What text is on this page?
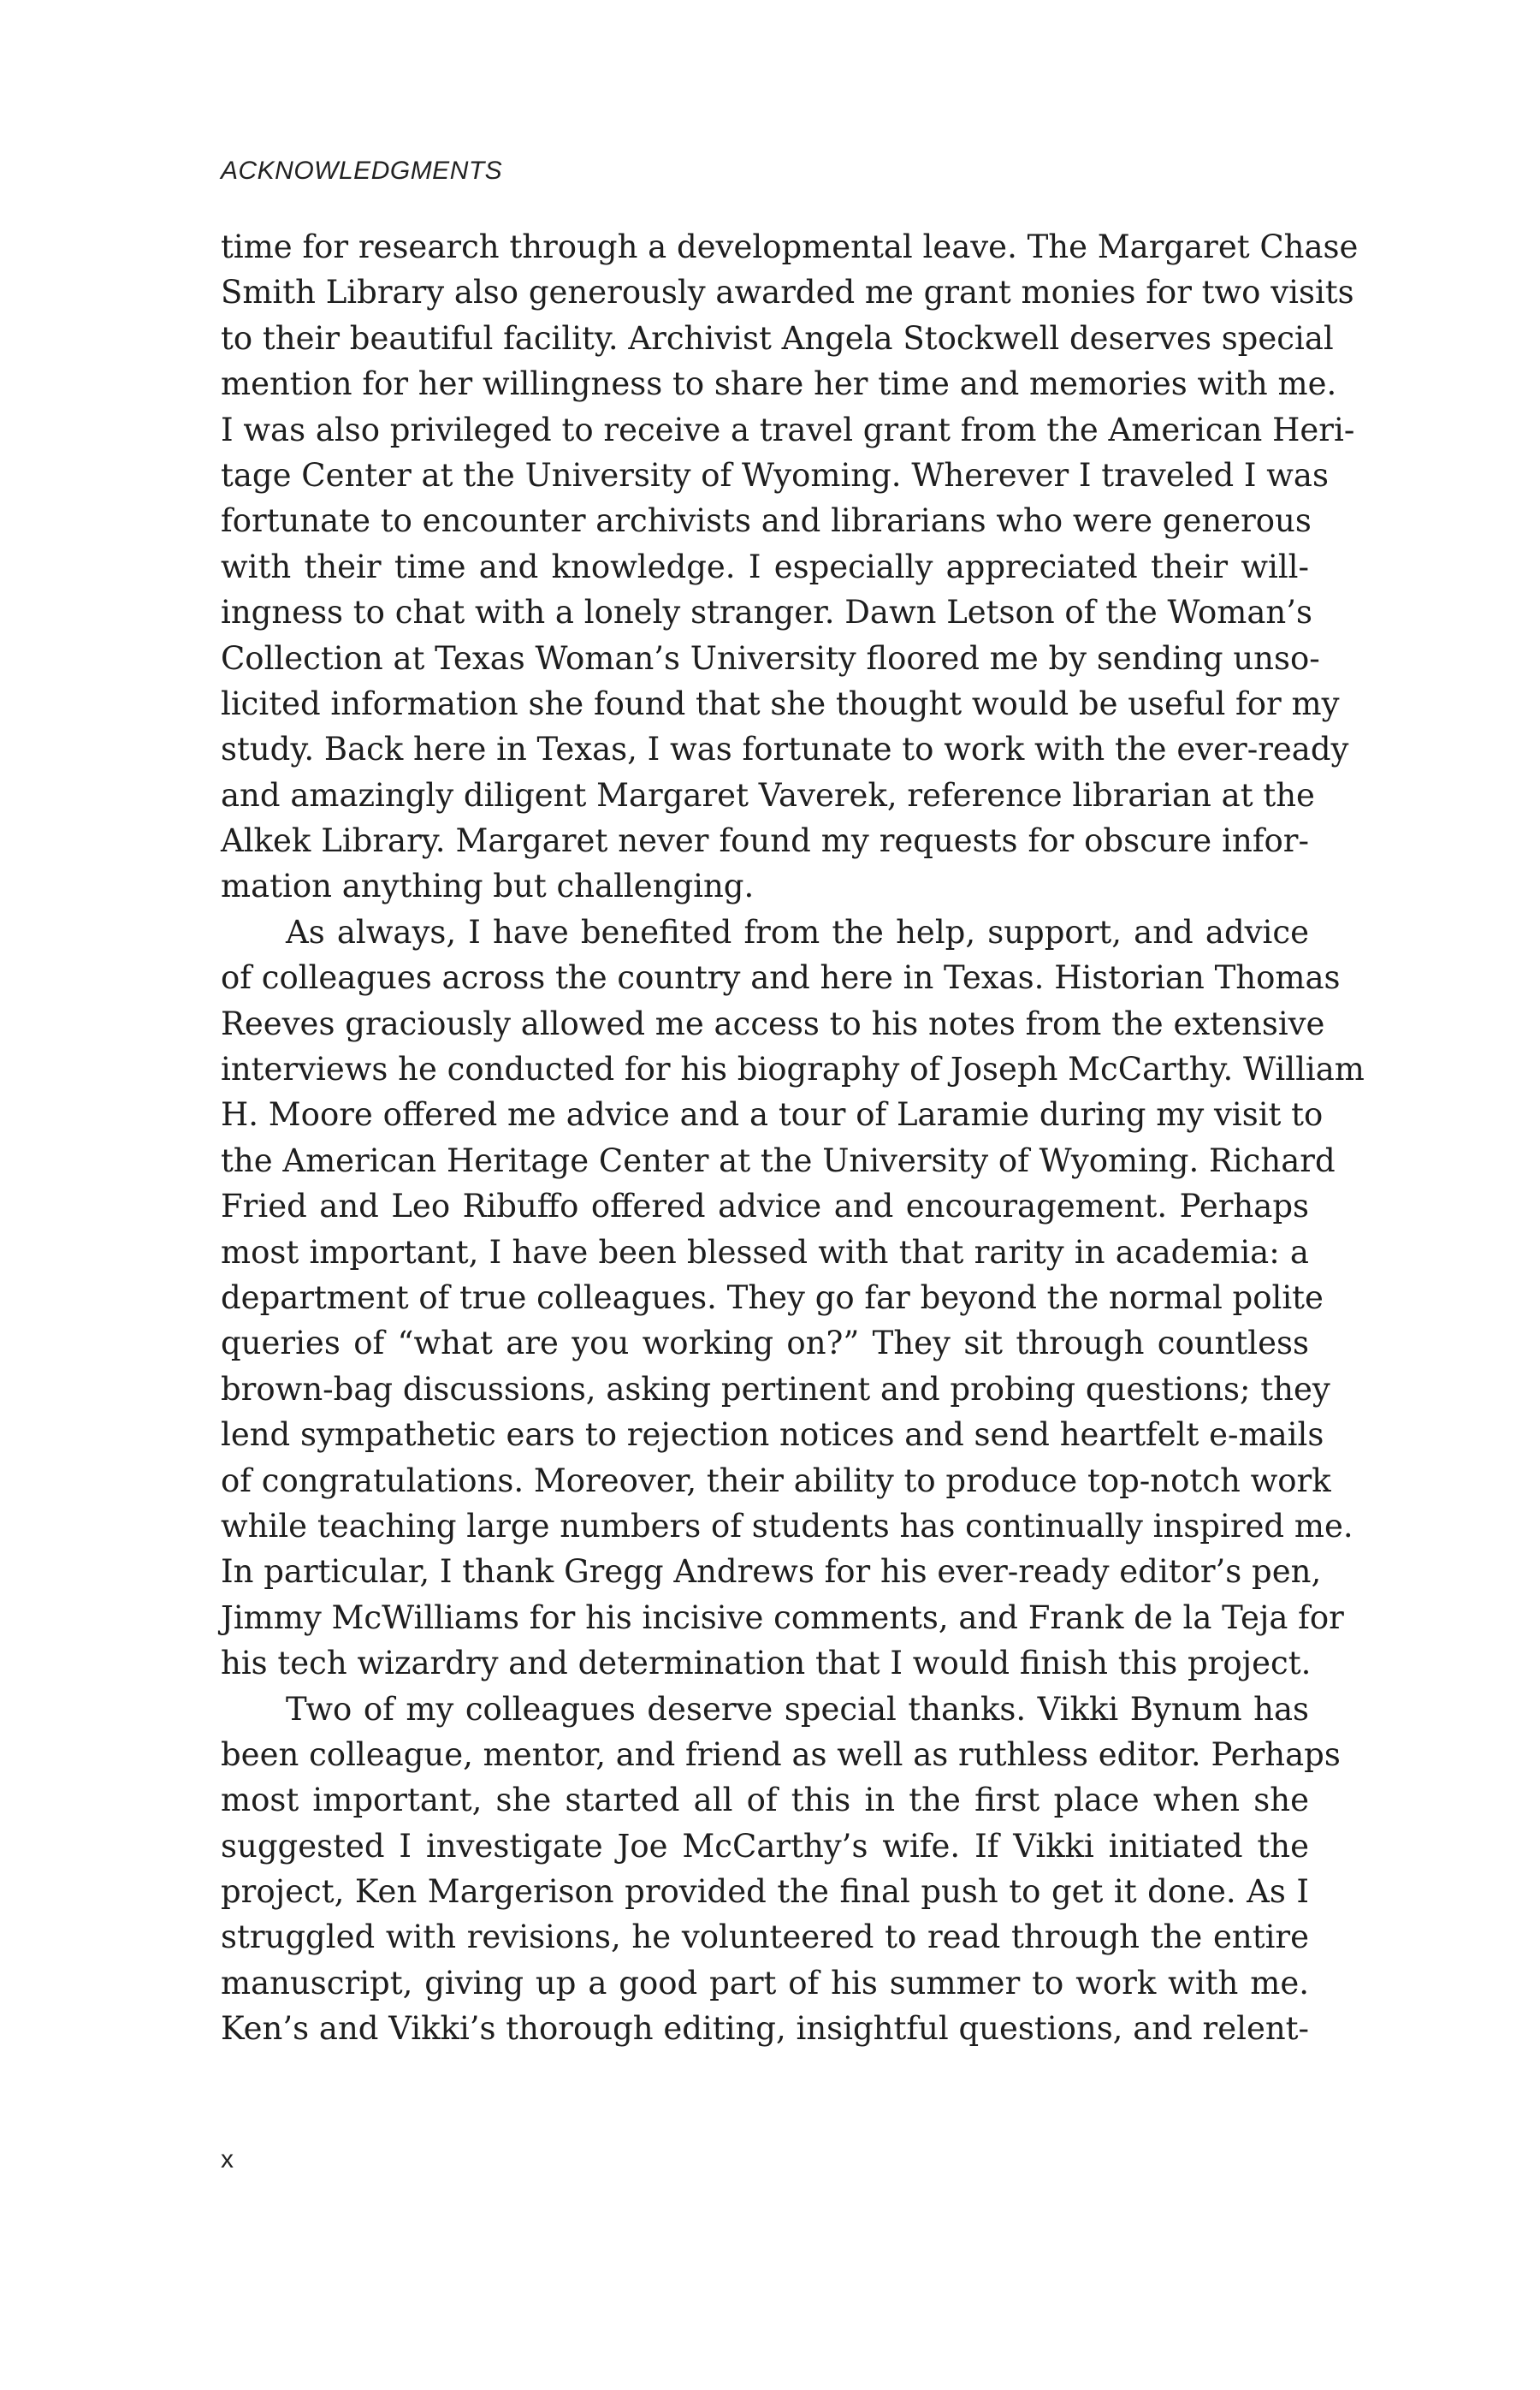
ACKNOWLEDGMENTS

time for research through a developmental leave. The Margaret Chase
Smith Library also generously awarded me grant monies for two visits
to their beautiful facility. Archivist Angela Stockwell deserves special
mention for her willingness to share her time and memories with me.
I was also privileged to receive a travel grant from the American Heri-
tage Center at the University of Wyoming. Wherever I traveled I was
fortunate to encounter archivists and librarians who were generous
with their time and knowledge. I especially appreciated their will-
ingness to chat with a lonely stranger. Dawn Letson of the Woman’s
Collection at Texas Woman’s University floored me by sending unso-
licited information she found that she thought would be useful for my
study. Back here in Texas, I was fortunate to work with the ever-ready
and amazingly diligent Margaret Vaverek, reference librarian at the
Alkek Library. Margaret never found my requests for obscure infor-
mation anything but challenging.
As always, I have benefited from the help, support, and advice
of colleagues across the country and here in Texas. Historian Thomas
Reeves graciously allowed me access to his notes from the extensive
interviews he conducted for his biography of Joseph McCarthy. William
H. Moore offered me advice and a tour of Laramie during my visit to
the American Heritage Center at the University of Wyoming. Richard
Fried and Leo Ribuffo offered advice and encouragement. Perhaps
most important, I have been blessed with that rarity in academia: a
department of true colleagues. They go far beyond the normal polite
queries of “what are you working on?” They sit through countless
brown-bag discussions, asking pertinent and probing questions; they
lend sympathetic ears to rejection notices and send heartfelt e-mails
of congratulations. Moreover, their ability to produce top-notch work
while teaching large numbers of students has continually inspired me.
In particular, I thank Gregg Andrews for his ever-ready editor’s pen,
Jimmy McWilliams for his incisive comments, and Frank de la Teja for
his tech wizardry and determination that I would finish this project.
Two of my colleagues deserve special thanks. Vikki Bynum has
been colleague, mentor, and friend as well as ruthless editor. Perhaps
most important, she started all of this in the first place when she
suggested I investigate Joe McCarthy’s wife. If Vikki initiated the
project, Ken Margerison provided the final push to get it done. As I
struggled with revisions, he volunteered to read through the entire
manuscript, giving up a good part of his summer to work with me.
Ken’s and Vikki’s thorough editing, insightful questions, and relent-

x
